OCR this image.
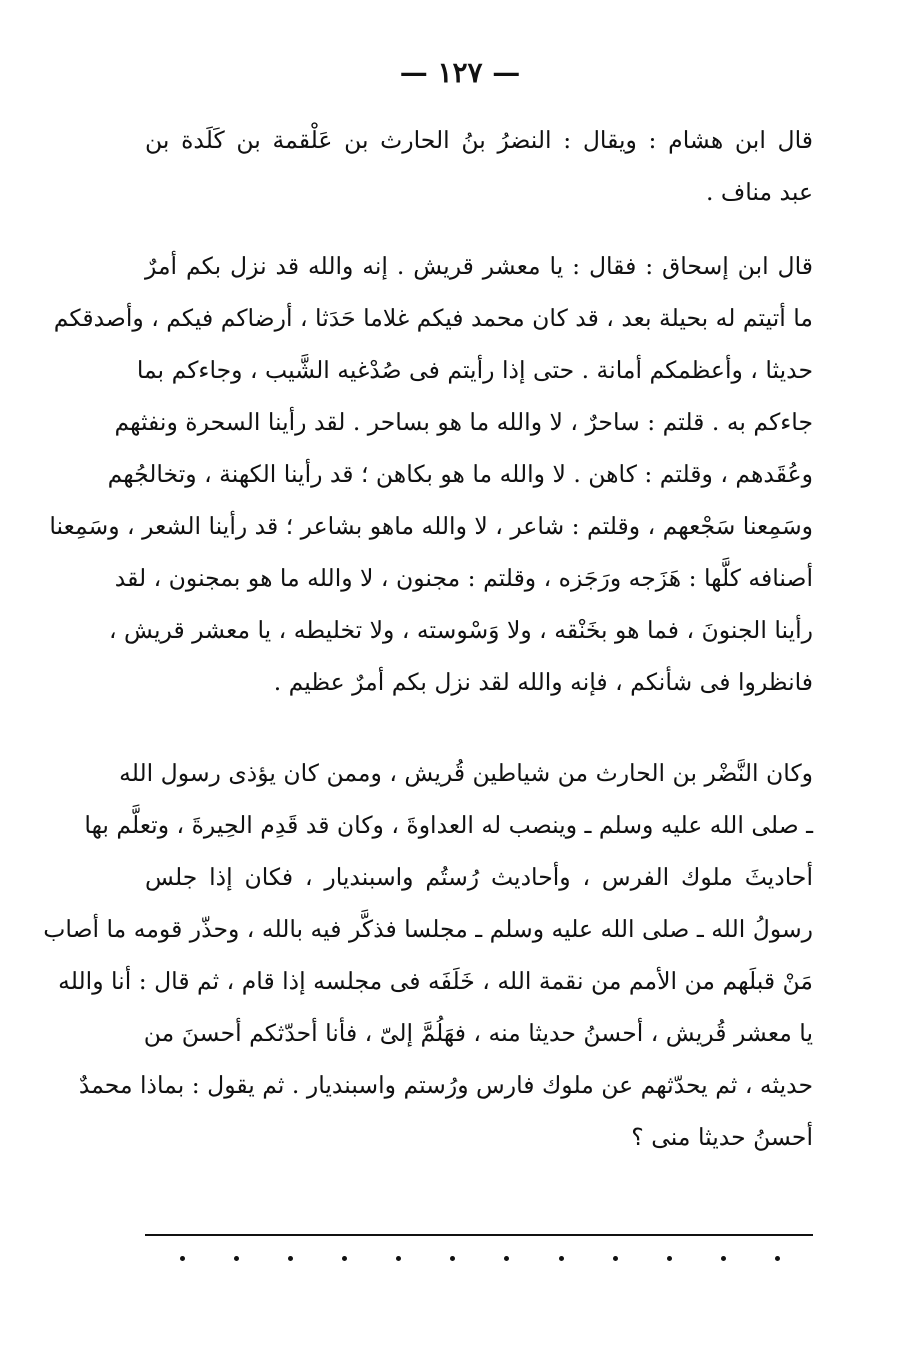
— ١٢٧ —
قال ابن هشام : ويقال : النضرُ بنُ الحارث بن عَلْقمة بن كَلَدة بن
عبد مناف .
قال ابن إسحاق : فقال : يا معشر قريش . إنه والله قد نزل بكم أمرٌ
ما أتيتم له بحيلة بعد ، قد كان محمد فيكم غلاما حَدَثا ، أرضاكم فيكم ، وأصدقكم
حديثا ، وأعظمكم أمانة . حتى إذا رأيتم فى صُدْغيه الشَّيب ، وجاءكم بما
جاءكم به . قلتم : ساحرٌ ، لا والله ما هو بساحر . لقد رأينا السحرة ونفثهم
وعُقَدهم ، وقلتم : كاهن . لا والله ما هو بكاهن ؛ قد رأينا الكهنة ، وتخالجُهم
وسَمِعنا سَجْعهم ، وقلتم : شاعر ، لا والله ماهو بشاعر ؛ قد رأينا الشعر ، وسَمِعنا
أصنافه كلَّها : هَزَجه ورَجَزه ، وقلتم : مجنون ، لا والله ما هو بمجنون ، لقد
رأينا الجنونَ ، فما هو بخَنْقه ، ولا وَسْوسته ، ولا تخليطه ، يا معشر قريش ،
فانظروا فى شأنكم ، فإنه والله لقد نزل بكم أمرٌ عظيم .
وكان النَّضْر بن الحارث من شياطين قُريش ، وممن كان يؤذى رسول الله
ـ صلى الله عليه وسلم ـ وينصب له العداوةَ ، وكان قد قَدِم الحِيرةَ ، وتعلَّم بها
أحاديثَ ملوك الفرس ، وأحاديث رُستُم واسبنديار ، فكان إذا جلس
رسولُ الله ـ صلى الله عليه وسلم ـ مجلسا فذكَّر فيه بالله ، وحذّر قومه ما أصاب
مَنْ قبلَهم من الأمم من نقمة الله ، خَلَفَه فى مجلسه إذا قام ، ثم قال : أنا والله
يا معشر قُريش ، أحسنُ حديثا منه ، فهَلُمَّ إلىّ ، فأنا أحدّثكم أحسنَ من
حديثه ، ثم يحدّثهم عن ملوك فارس ورُستم واسبنديار . ثم يقول : بماذا محمدٌ
أحسنُ حديثا منى ؟
